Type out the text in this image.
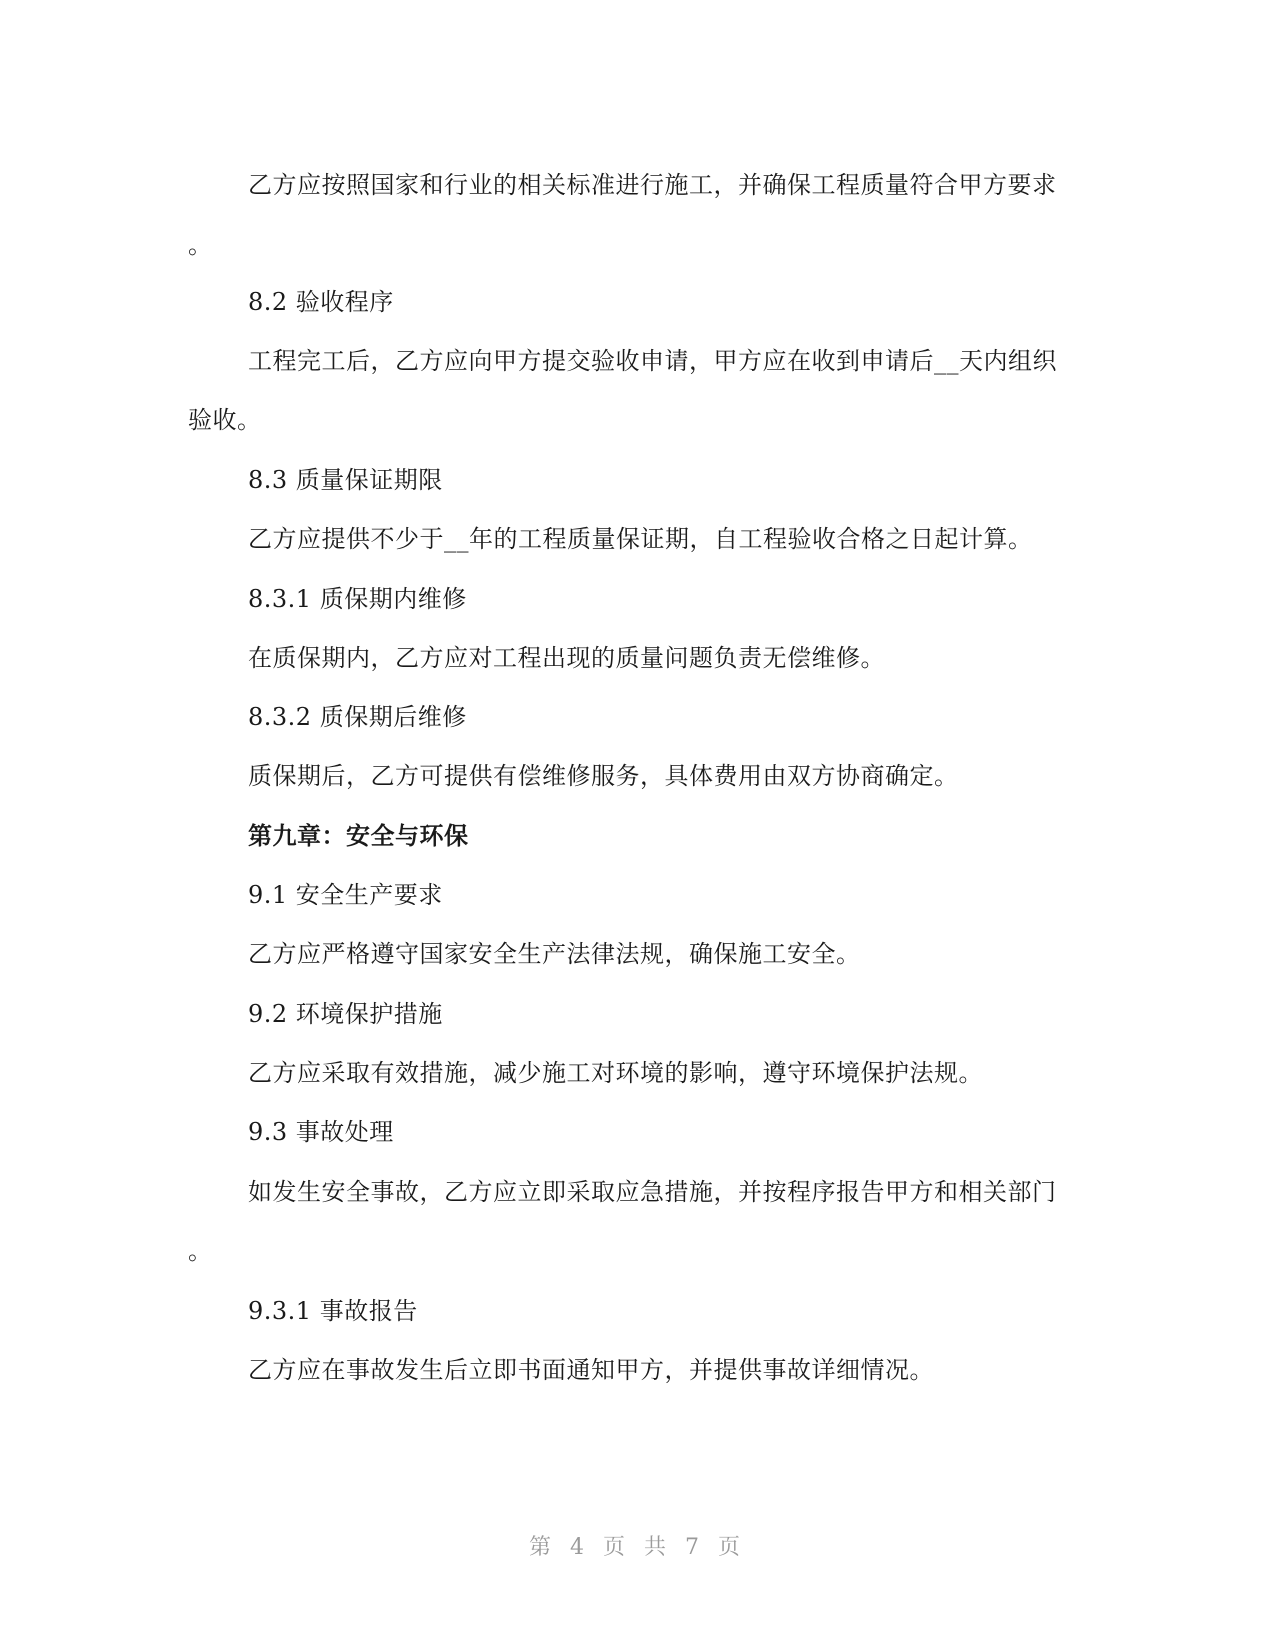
乙方应按照国家和行业的相关标准进行施工，并确保工程质量符合甲方要求
。
8.2 验收程序
工程完工后，乙方应向甲方提交验收申请，甲方应在收到申请后__天内组织
验收。
8.3 质量保证期限
乙方应提供不少于__年的工程质量保证期，自工程验收合格之日起计算。
8.3.1 质保期内维修
在质保期内，乙方应对工程出现的质量问题负责无偿维修。
8.3.2 质保期后维修
质保期后，乙方可提供有偿维修服务，具体费用由双方协商确定。
第九章：安全与环保
9.1 安全生产要求
乙方应严格遵守国家安全生产法律法规，确保施工安全。
9.2 环境保护措施
乙方应采取有效措施，减少施工对环境的影响，遵守环境保护法规。
9.3 事故处理
如发生安全事故，乙方应立即采取应急措施，并按程序报告甲方和相关部门
。
9.3.1 事故报告
乙方应在事故发生后立即书面通知甲方，并提供事故详细情况。
第 4 页 共 7 页
